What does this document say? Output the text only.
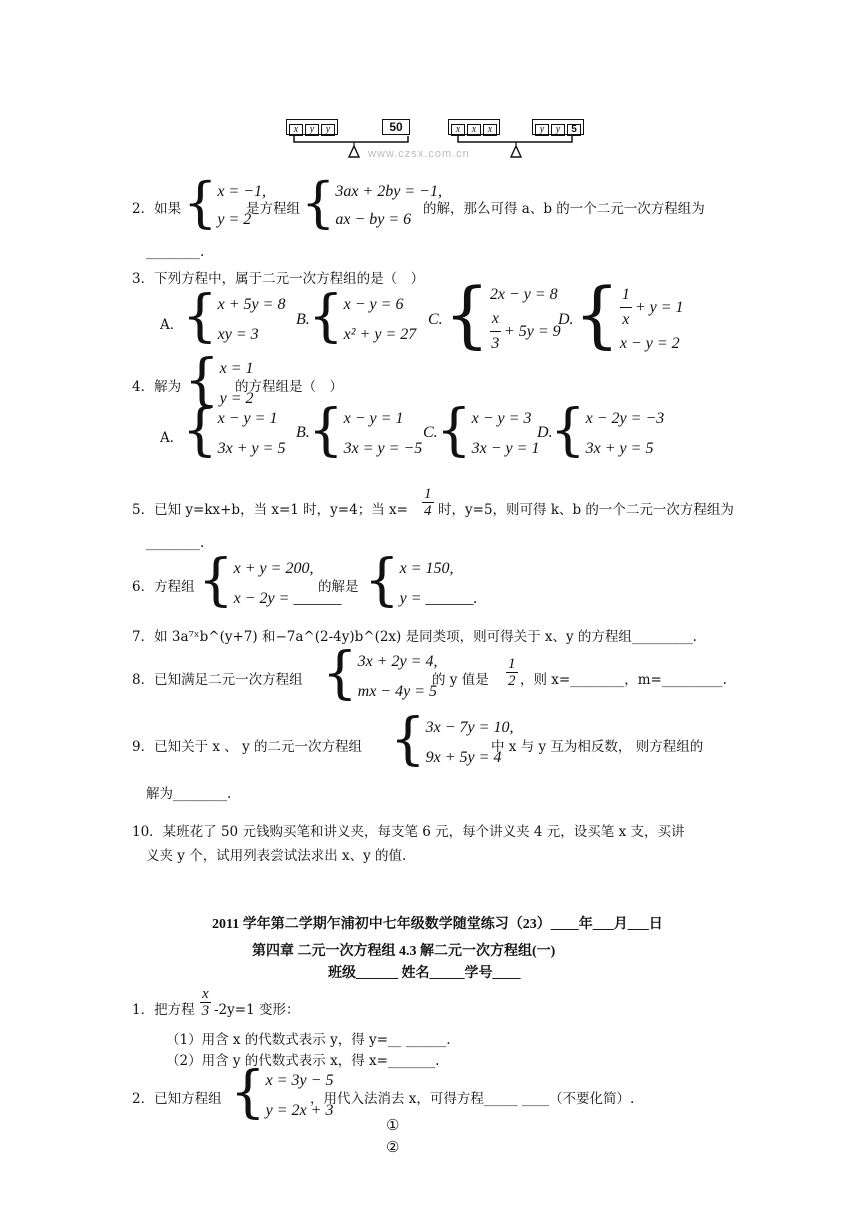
x y y	50	x x x	y y 5
www.czsx.com.cn
2．如果 { x = −1,
y = 2
是方程组 { 3ax + 2by = −1,
ax − by = 6
的解，那么可得 a、b 的一个二元一次方程组为
________.
3．下列方程中，属于二元一次方程组的是（　）
A．
{ x + 5y = 8
xy = 3
B.
{ x − y = 6
x² + y = 27
C. { 2x − y = 8
$\frac{x}{3} + 5y = 9$
D. { $\frac{1}{x} + y = 1$
x − y = 2
4．解为 { x = 1
y = 2
的方程组是（　）
A．
{ x − y = 1
3x + y = 5
B.
{ x − y = 1
3x = y = −5
C.
{ x − y = 3
3x − y = 1
D.
{ x − 2y = −3
3x + y = 5
5．已知 y=kx+b，当 x=1 时，y=4；当 $x= \frac{1}{4}$ 时，y=5，则可得 k、b 的一个二元一次方程组为
________.
6．方程组 { x + y = 200,
x − 2y = ______
的解是 { x = 150,
y = ______.
7．如 3a⁷ˣb^(y+7) 和−7a^(2-4y)b^(2x) 是同类项，则可得关于 x、y 的方程组_________.
8．已知满足二元一次方程组 { 3x + 2y = 4,
mx − 4y = 5
的 y 值是 $\frac{1}{2}$ ，则 x=________，m=_________.
9．已知关于 x 、 y 的二元一次方程组 { 3x − 7y = 10,
9x + 5y = 4
中 x 与 y 互为相反数， 则方程组的
解为________.
10．某班花了 50 元钱购买笔和讲义夹，每支笔 6 元，每个讲义夹 4 元，设买笔 x 支，买讲
义夹 y 个，试用列表尝试法求出 x、y 的值.
2011 学年第二学期乍浦初中七年级数学随堂练习（23）____年___月___日
第四章 二元一次方程组 4.3 解二元一次方程组(一)
班级______ 姓名_____学号____
1．把方程 $\frac{x}{3} -2y=1$ 变形：
（1）用含 x 的代数式表示 y，得 y=__ ______.
（2）用含 y 的代数式表示 x，得 x=_______.
2．已知方程组 { x = 3y − 5
y = 2x + 3
，用代入法消去 x，可得方程_____ ____（不要化简）.
①
②
